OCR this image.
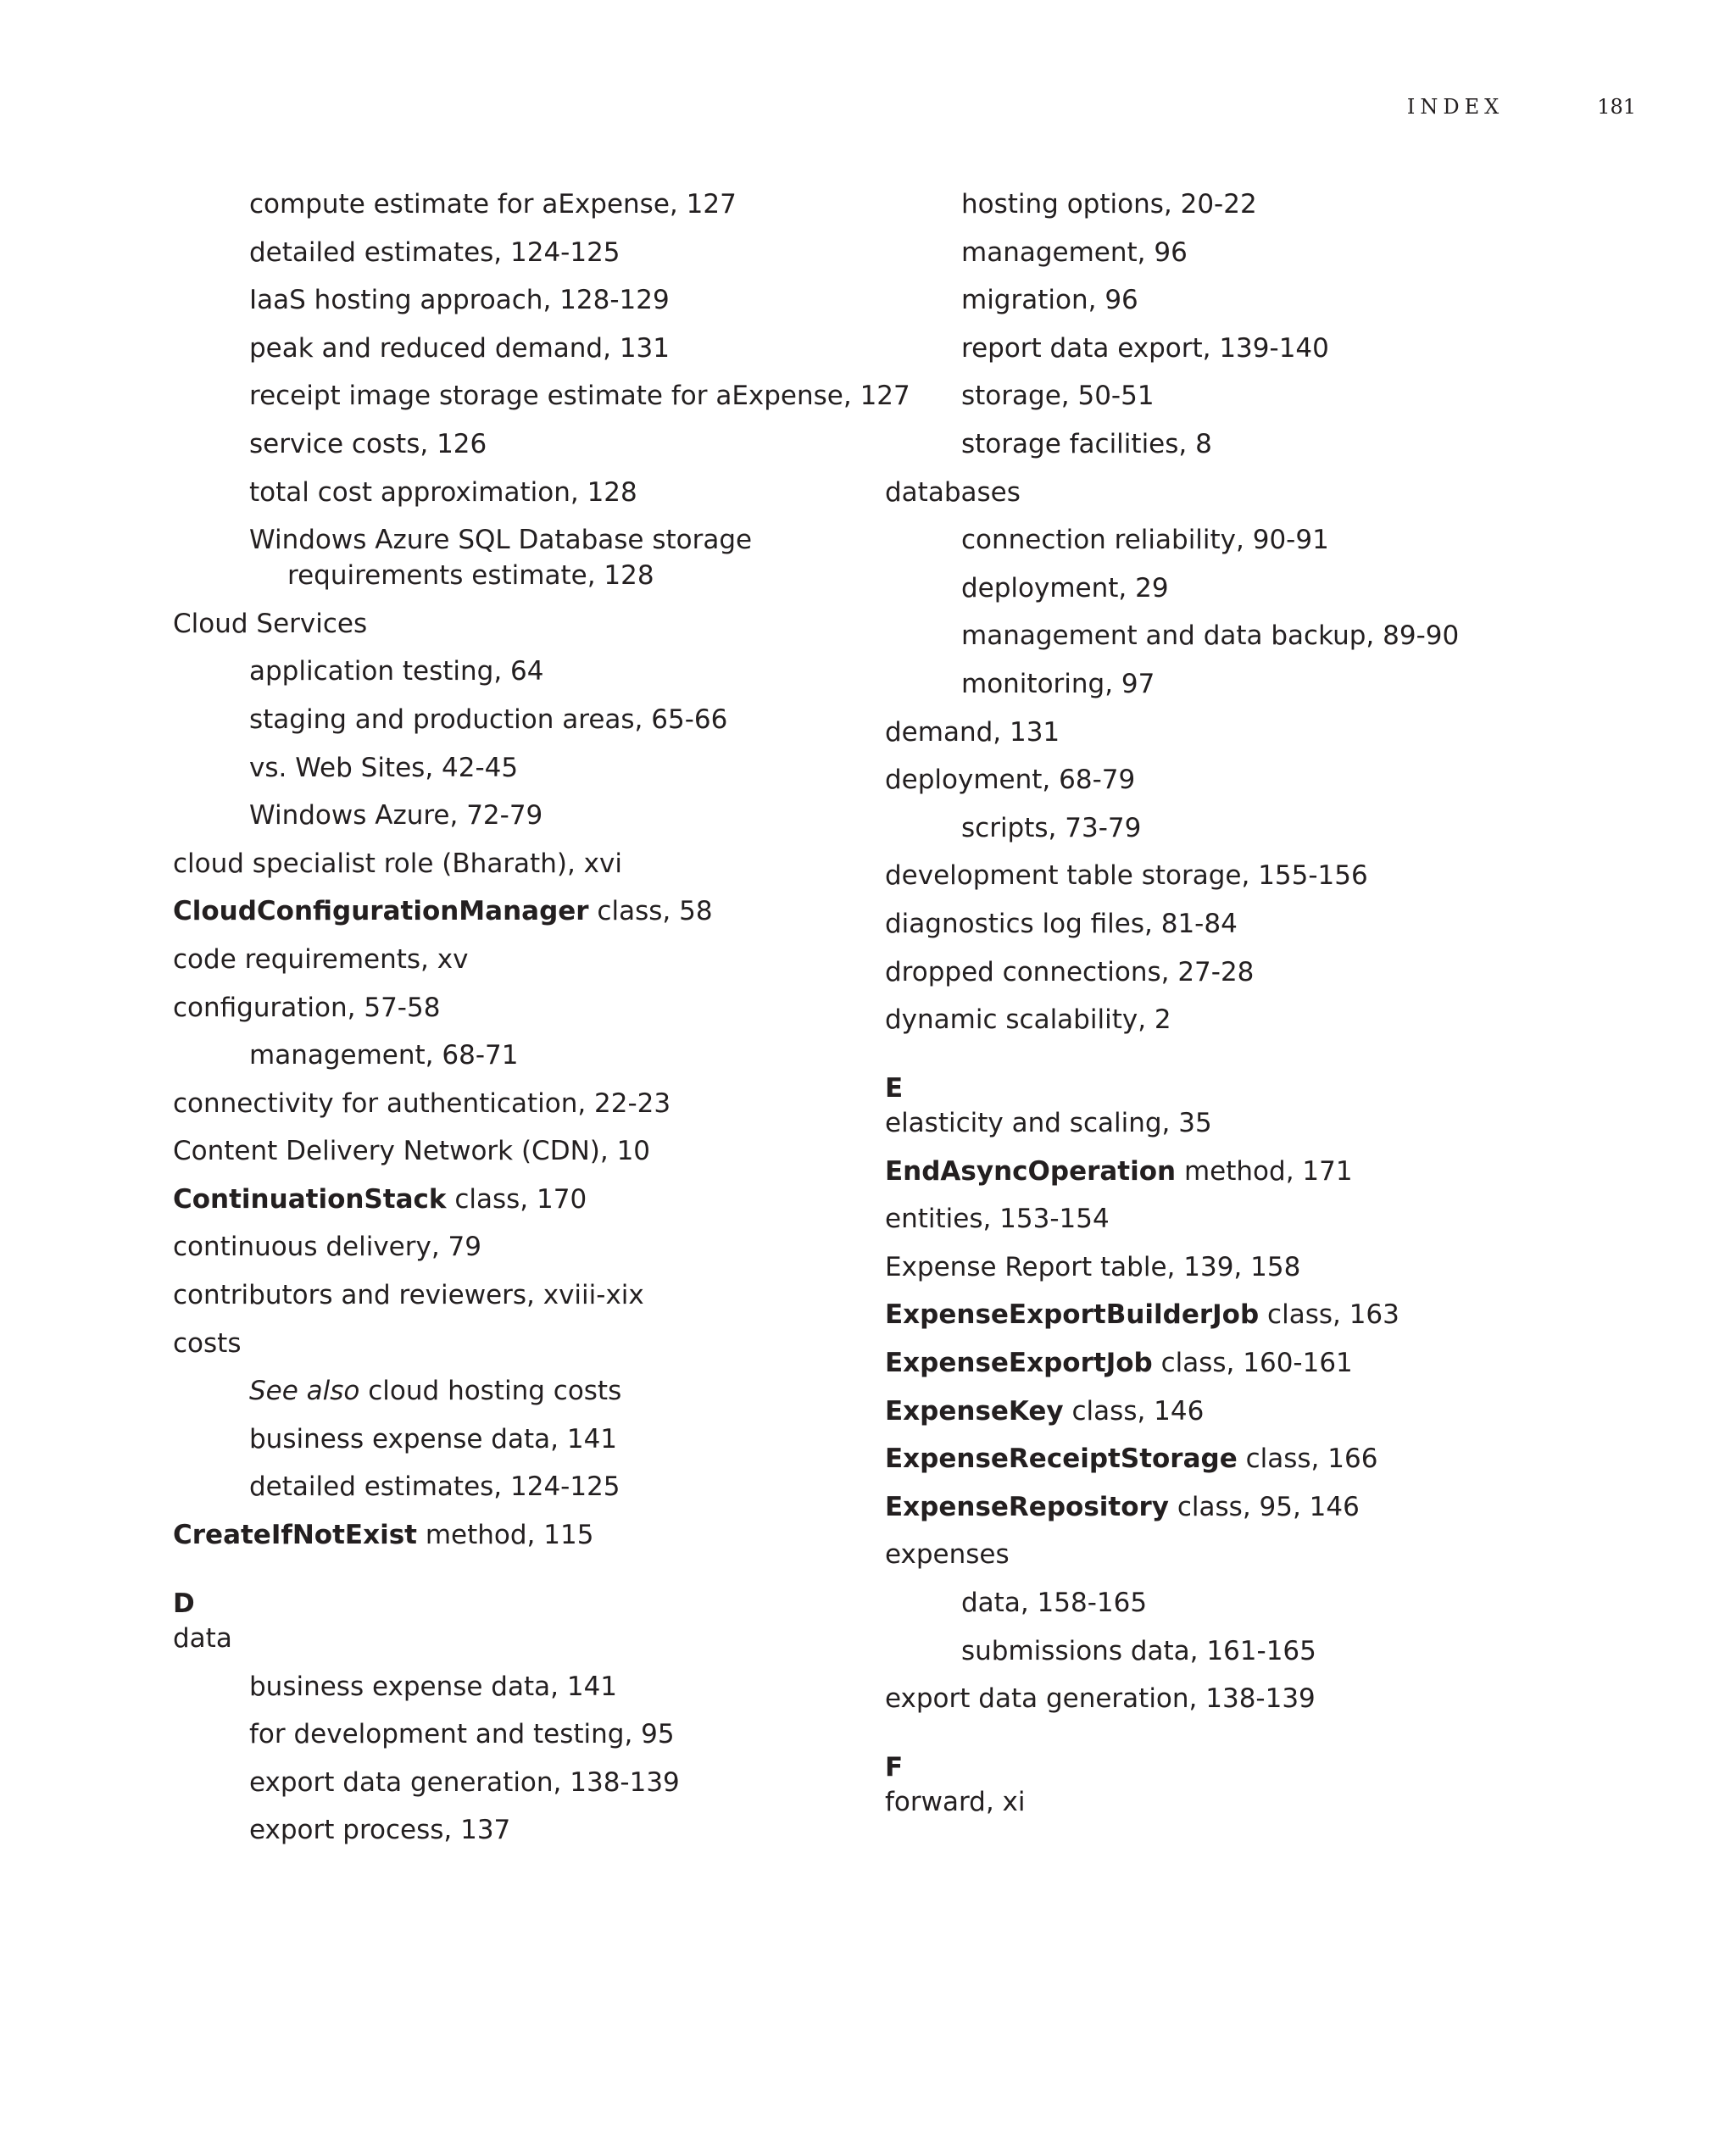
INDEX	181
compute estimate for aExpense, 127
detailed estimates, 124-125
IaaS hosting approach, 128-129
peak and reduced demand, 131
receipt image storage estimate for aExpense, 127
service costs, 126
total cost approximation, 128
Windows Azure SQL Database storage
requirements estimate, 128
Cloud Services
application testing, 64
staging and production areas, 65-66
vs. Web Sites, 42-45
Windows Azure, 72-79
cloud specialist role (Bharath), xvi
CloudConfigurationManager class, 58
code requirements, xv
configuration, 57-58
management, 68-71
connectivity for authentication, 22-23
Content Delivery Network (CDN), 10
ContinuationStack class, 170
continuous delivery, 79
contributors and reviewers, xviii-xix
costs
See also cloud hosting costs
business expense data, 141
detailed estimates, 124-125
CreateIfNotExist method, 115
D
data
business expense data, 141
for development and testing, 95
export data generation, 138-139
export process, 137
hosting options, 20-22
management, 96
migration, 96
report data export, 139-140
storage, 50-51
storage facilities, 8
databases
connection reliability, 90-91
deployment, 29
management and data backup, 89-90
monitoring, 97
demand, 131
deployment, 68-79
scripts, 73-79
development table storage, 155-156
diagnostics log files, 81-84
dropped connections, 27-28
dynamic scalability, 2
E
elasticity and scaling, 35
EndAsyncOperation method, 171
entities, 153-154
Expense Report table, 139, 158
ExpenseExportBuilderJob class, 163
ExpenseExportJob class, 160-161
ExpenseKey class, 146
ExpenseReceiptStorage class, 166
ExpenseRepository class, 95, 146
expenses
data, 158-165
submissions data, 161-165
export data generation, 138-139
F
forward, xi
